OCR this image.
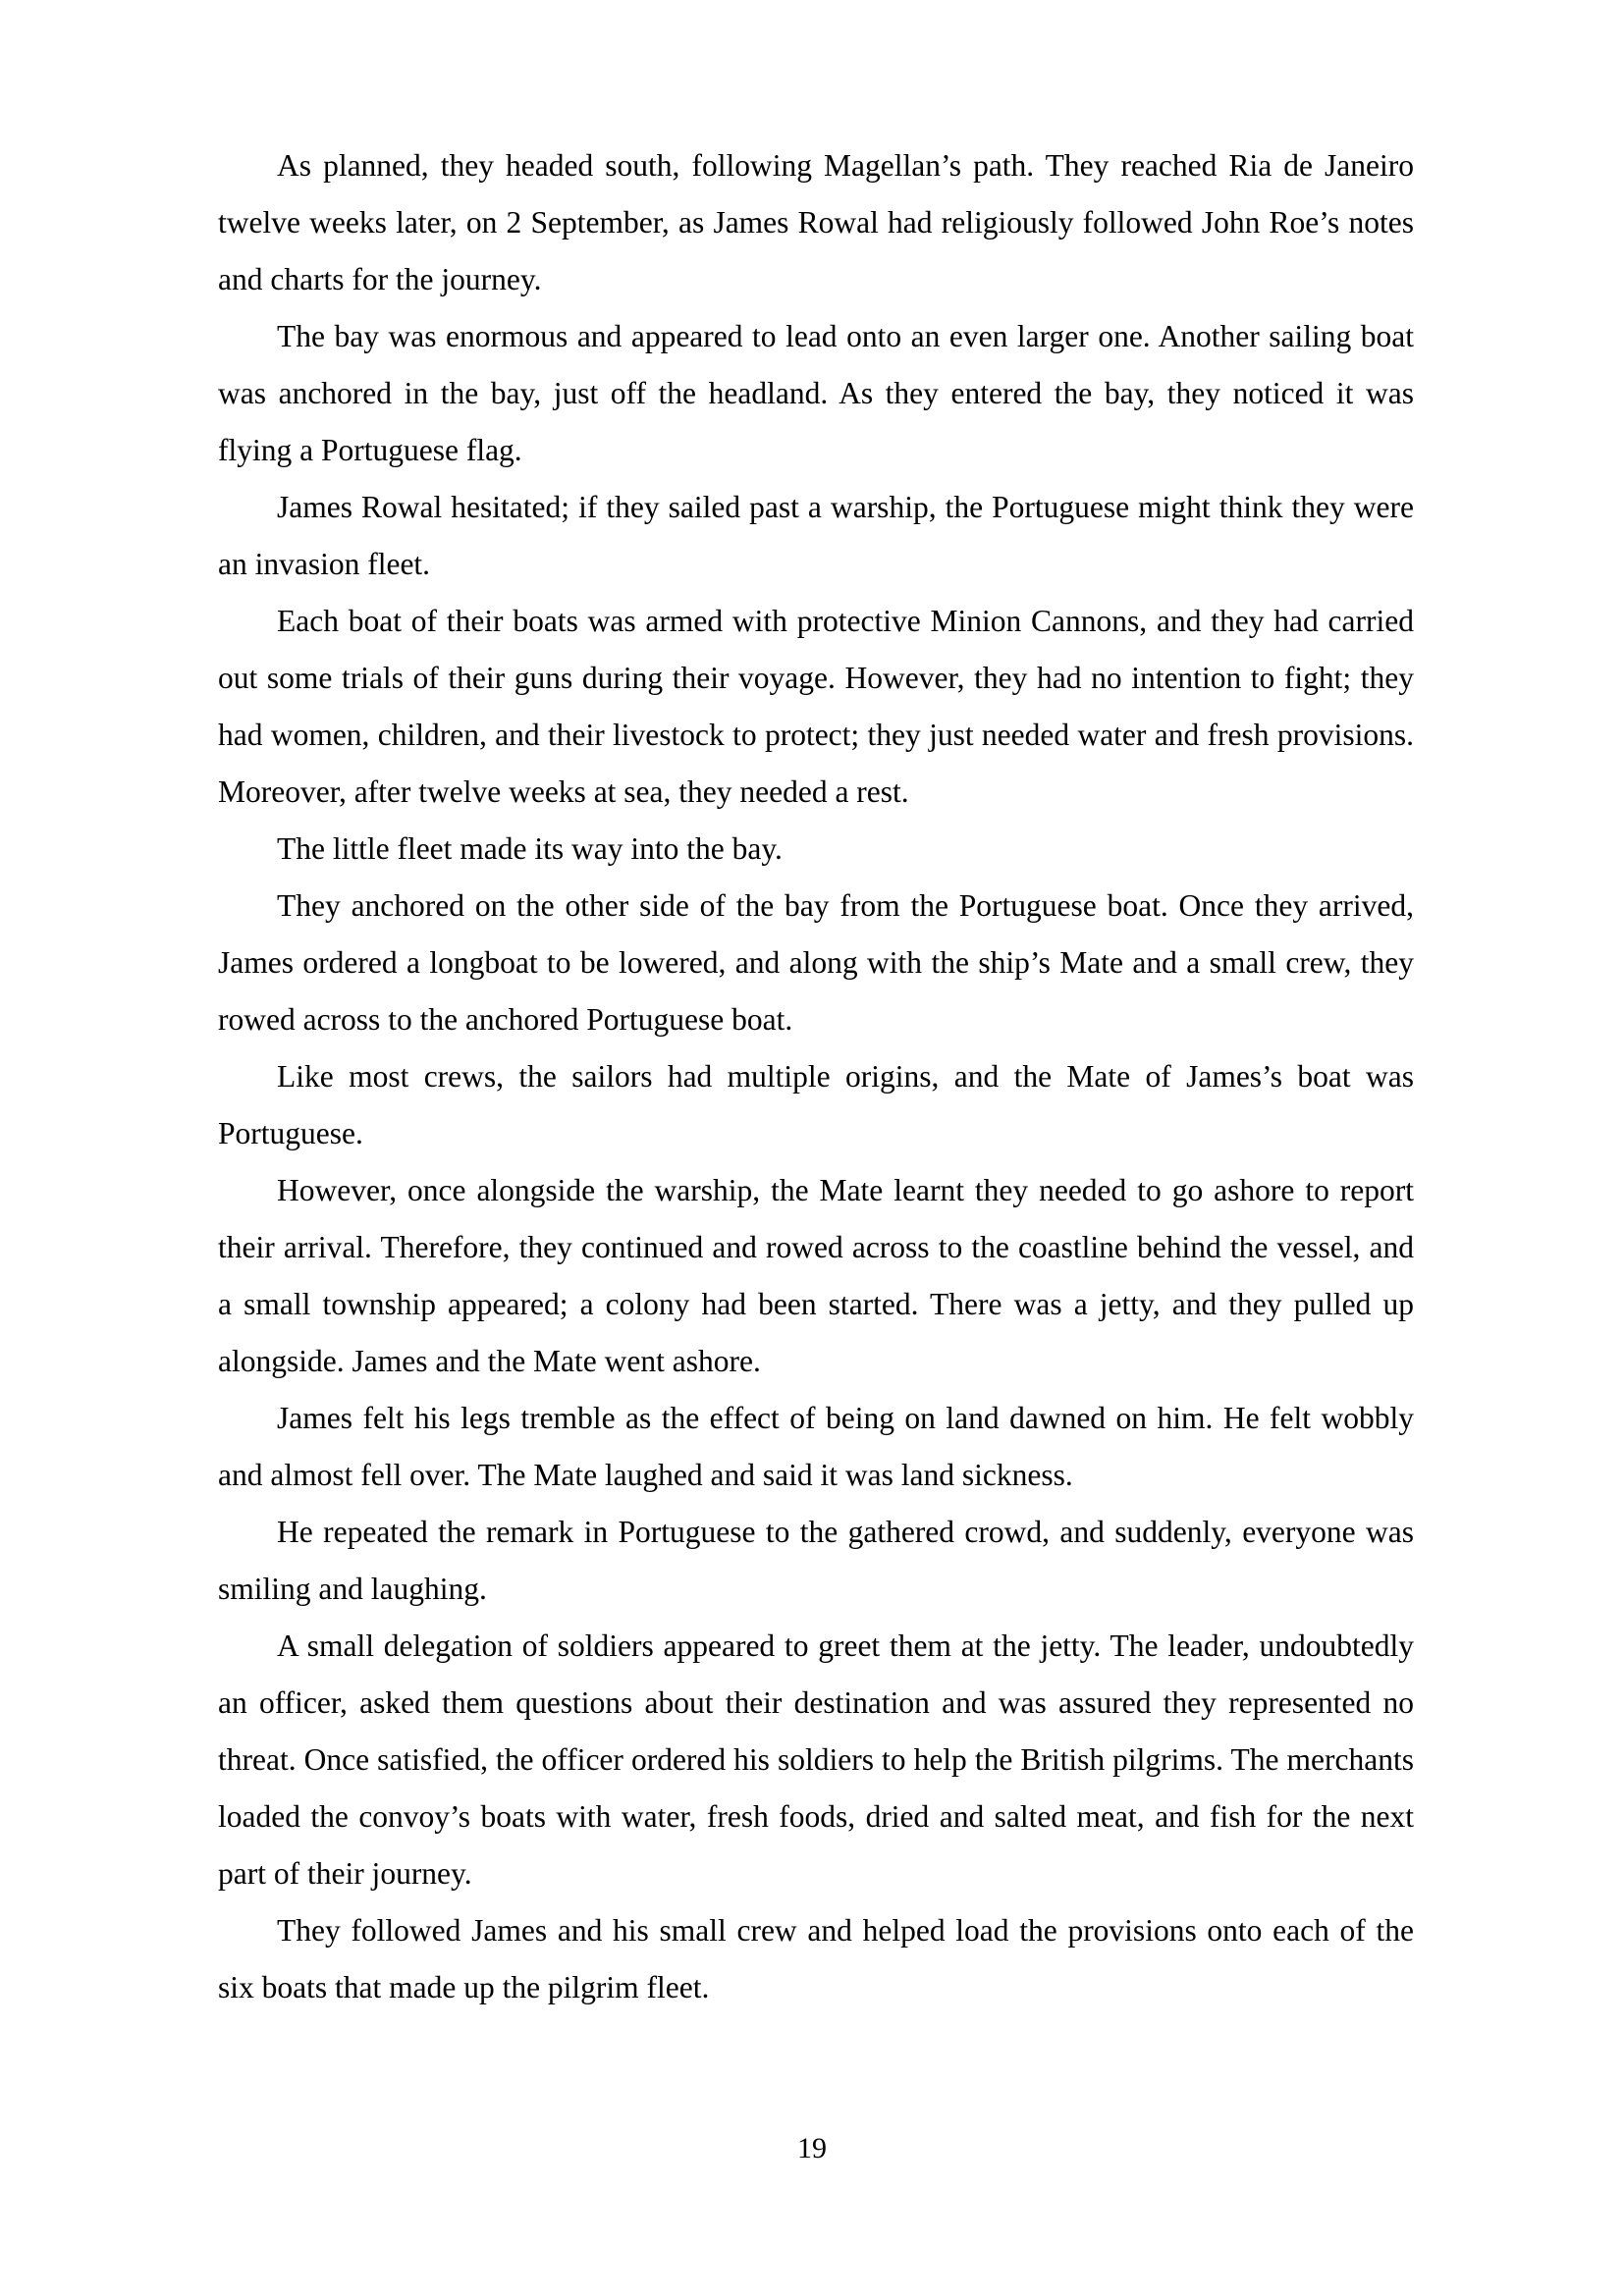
As planned, they headed south, following Magellan’s path. They reached Ria de Janeiro twelve weeks later, on 2 September, as James Rowal had religiously followed John Roe’s notes and charts for the journey.

The bay was enormous and appeared to lead onto an even larger one. Another sailing boat was anchored in the bay, just off the headland. As they entered the bay, they noticed it was flying a Portuguese flag.

James Rowal hesitated; if they sailed past a warship, the Portuguese might think they were an invasion fleet.

Each boat of their boats was armed with protective Minion Cannons, and they had carried out some trials of their guns during their voyage. However, they had no intention to fight; they had women, children, and their livestock to protect; they just needed water and fresh provisions. Moreover, after twelve weeks at sea, they needed a rest.

The little fleet made its way into the bay.

They anchored on the other side of the bay from the Portuguese boat. Once they arrived, James ordered a longboat to be lowered, and along with the ship’s Mate and a small crew, they rowed across to the anchored Portuguese boat.

Like most crews, the sailors had multiple origins, and the Mate of James’s boat was Portuguese.

However, once alongside the warship, the Mate learnt they needed to go ashore to report their arrival. Therefore, they continued and rowed across to the coastline behind the vessel, and a small township appeared; a colony had been started. There was a jetty, and they pulled up alongside. James and the Mate went ashore.

James felt his legs tremble as the effect of being on land dawned on him. He felt wobbly and almost fell over. The Mate laughed and said it was land sickness.

He repeated the remark in Portuguese to the gathered crowd, and suddenly, everyone was smiling and laughing.

A small delegation of soldiers appeared to greet them at the jetty. The leader, undoubtedly an officer, asked them questions about their destination and was assured they represented no threat. Once satisfied, the officer ordered his soldiers to help the British pilgrims. The merchants loaded the convoy’s boats with water, fresh foods, dried and salted meat, and fish for the next part of their journey.

They followed James and his small crew and helped load the provisions onto each of the six boats that made up the pilgrim fleet.

19
